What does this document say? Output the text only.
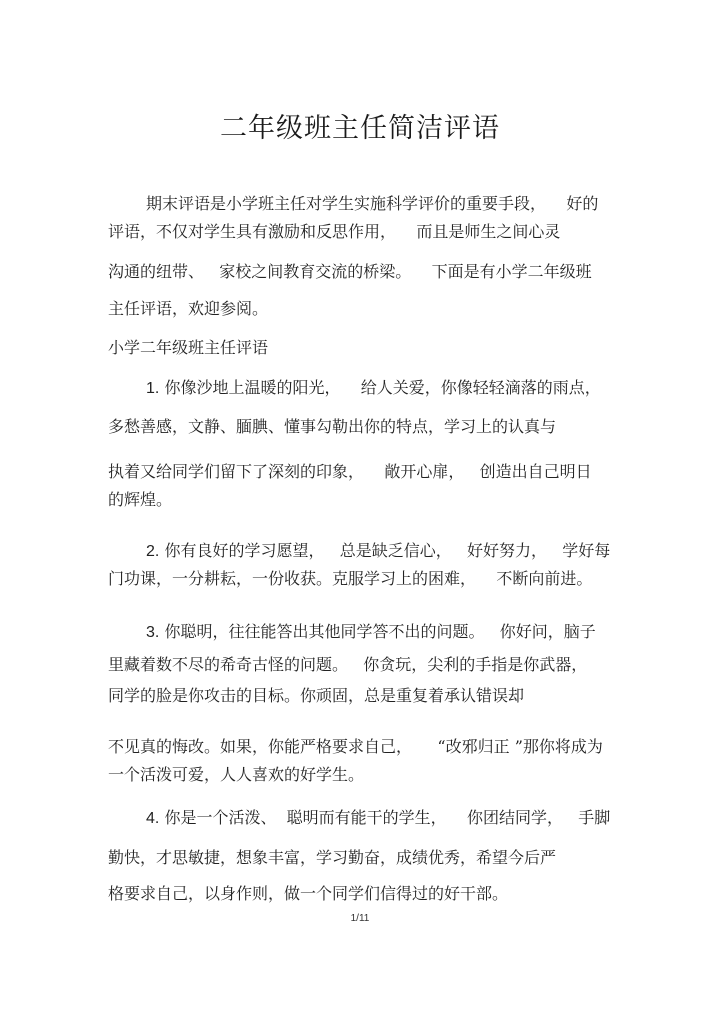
二年级班主任简洁评语
期末评语是小学班主任对学生实施科学评价的重要手段，    好的
评语，不仅对学生具有激励和反思作用，    而且是师生之间心灵
沟通的纽带、   家校之间教育交流的桥梁。    下面是有小学二年级班
主任评语，欢迎参阅。
小学二年级班主任评语
1. 你像沙地上温暖的阳光，    给人关爱，你像轻轻滴落的雨点，
多愁善感，文静、腼腆、懂事勾勒出你的特点，学习上的认真与
执着又给同学们留下了深刻的印象，    敞开心扉，   创造出自己明日
的辉煌。
2. 你有良好的学习愿望，   总是缺乏信心，   好好努力，   学好每
门功课，一分耕耘，一份收获。克服学习上的困难，    不断向前进。
3. 你聪明，往往能答出其他同学答不出的问题。   你好问，脑子
里藏着数不尽的希奇古怪的问题。   你贪玩，尖利的手指是你武器，
同学的脸是你攻击的目标。你顽固，总是重复着承认错误却
不见真的悔改。如果，你能严格要求自己，     “改邪归正 ”那你将成为
一个活泼可爱，人人喜欢的好学生。
4. 你是一个活泼、  聪明而有能干的学生，    你团结同学，   手脚
勤快，才思敏捷，想象丰富，学习勤奋，成绩优秀，希望今后严
格要求自己，以身作则，做一个同学们信得过的好干部。
1/11
